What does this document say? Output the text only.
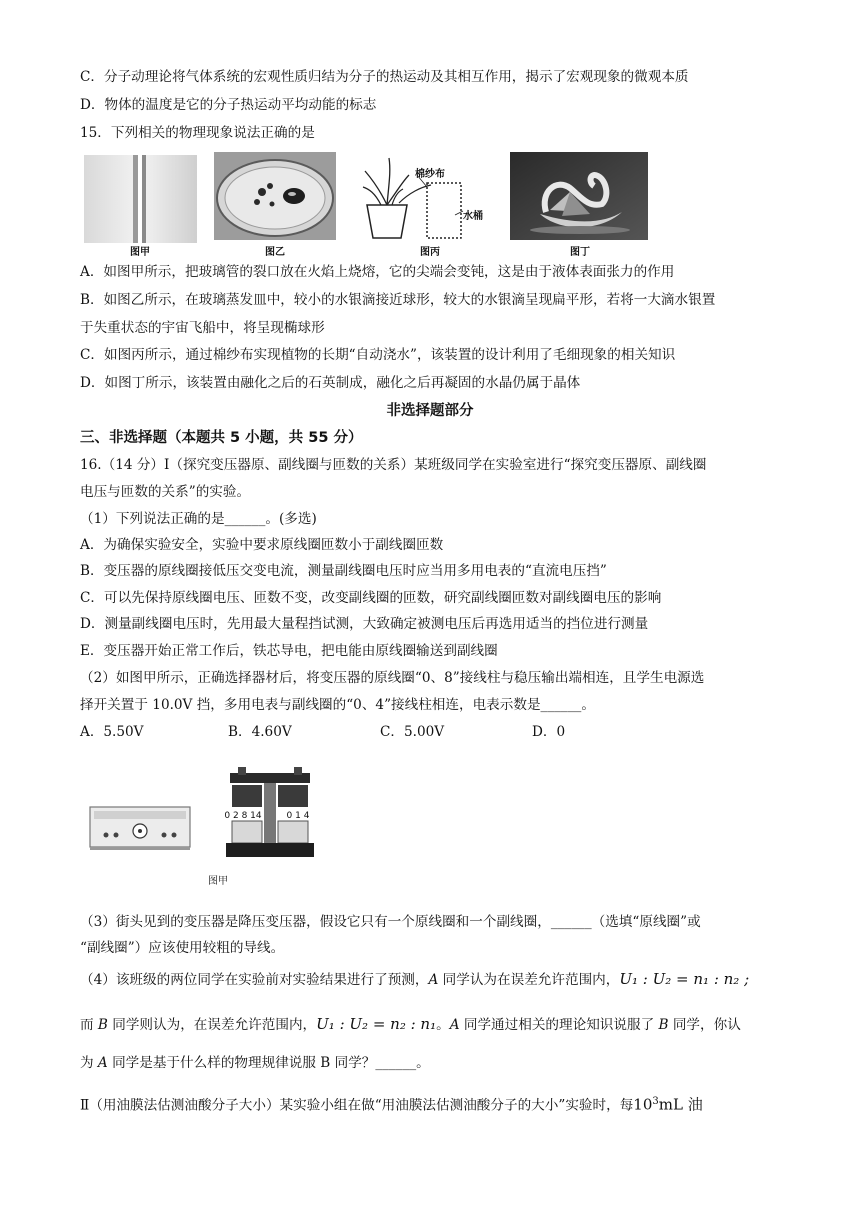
C．分子动理论将气体系统的宏观性质归结为分子的热运动及其相互作用，揭示了宏观现象的微观本质
D．物体的温度是它的分子热运动平均动能的标志
15．下列相关的物理现象说法正确的是
图甲	图乙
棉纱布
水桶
图丙	图丁
A．如图甲所示，把玻璃管的裂口放在火焰上烧熔，它的尖端会变钝，这是由于液体表面张力的作用
B．如图乙所示，在玻璃蒸发皿中，较小的水银滴接近球形，较大的水银滴呈现扁平形，若将一大滴水银置
于失重状态的宇宙飞船中，将呈现椭球形
C．如图丙所示，通过棉纱布实现植物的长期“自动浇水”，该装置的设计利用了毛细现象的相关知识
D．如图丁所示，该装置由融化之后的石英制成，融化之后再凝固的水晶仍属于晶体
非选择题部分
三、非选择题（本题共 5 小题，共 55 分）
16.（14 分）Ⅰ（探究变压器原、副线圈与匝数的关系）某班级同学在实验室进行“探究变压器原、副线圈
电压与匝数的关系”的实验。
（1）下列说法正确的是______。(多选)
A．为确保实验安全，实验中要求原线圈匝数小于副线圈匝数
B．变压器的原线圈接低压交变电流，测量副线圈电压时应当用多用电表的“直流电压挡”
C．可以先保持原线圈电压、匝数不变，改变副线圈的匝数，研究副线圈匝数对副线圈电压的影响
D．测量副线圈电压时，先用最大量程挡试测，大致确定被测电压后再选用适当的挡位进行测量
E．变压器开始正常工作后，铁芯导电，把电能由原线圈输送到副线圈
（2）如图甲所示，正确选择器材后，将变压器的原线圈“0、8”接线柱与稳压输出端相连，且学生电源选
择开关置于 10.0V 挡，多用电表与副线圈的“0、4”接线柱相连，电表示数是______。
A．5.50V	B．4.60V	C．5.00V	D．0
0 2 8 14	0 1 4
图甲
（3）街头见到的变压器是降压变压器，假设它只有一个原线圈和一个副线圈，______（选填“原线圈”或
“副线圈”）应该使用较粗的导线。
（4）该班级的两位同学在实验前对实验结果进行了预测，A 同学认为在误差允许范围内，U₁ : U₂ = n₁ : n₂ ;
而 B 同学则认为，在误差允许范围内，U₁ : U₂ = n₂ : n₁。A 同学通过相关的理论知识说服了 B 同学，你认
为 A 同学是基于什么样的物理规律说服 B 同学？______。
Ⅱ（用油膜法估测油酸分子大小）某实验小组在做“用油膜法估测油酸分子的大小”实验时，每$10^3mL$ 油
